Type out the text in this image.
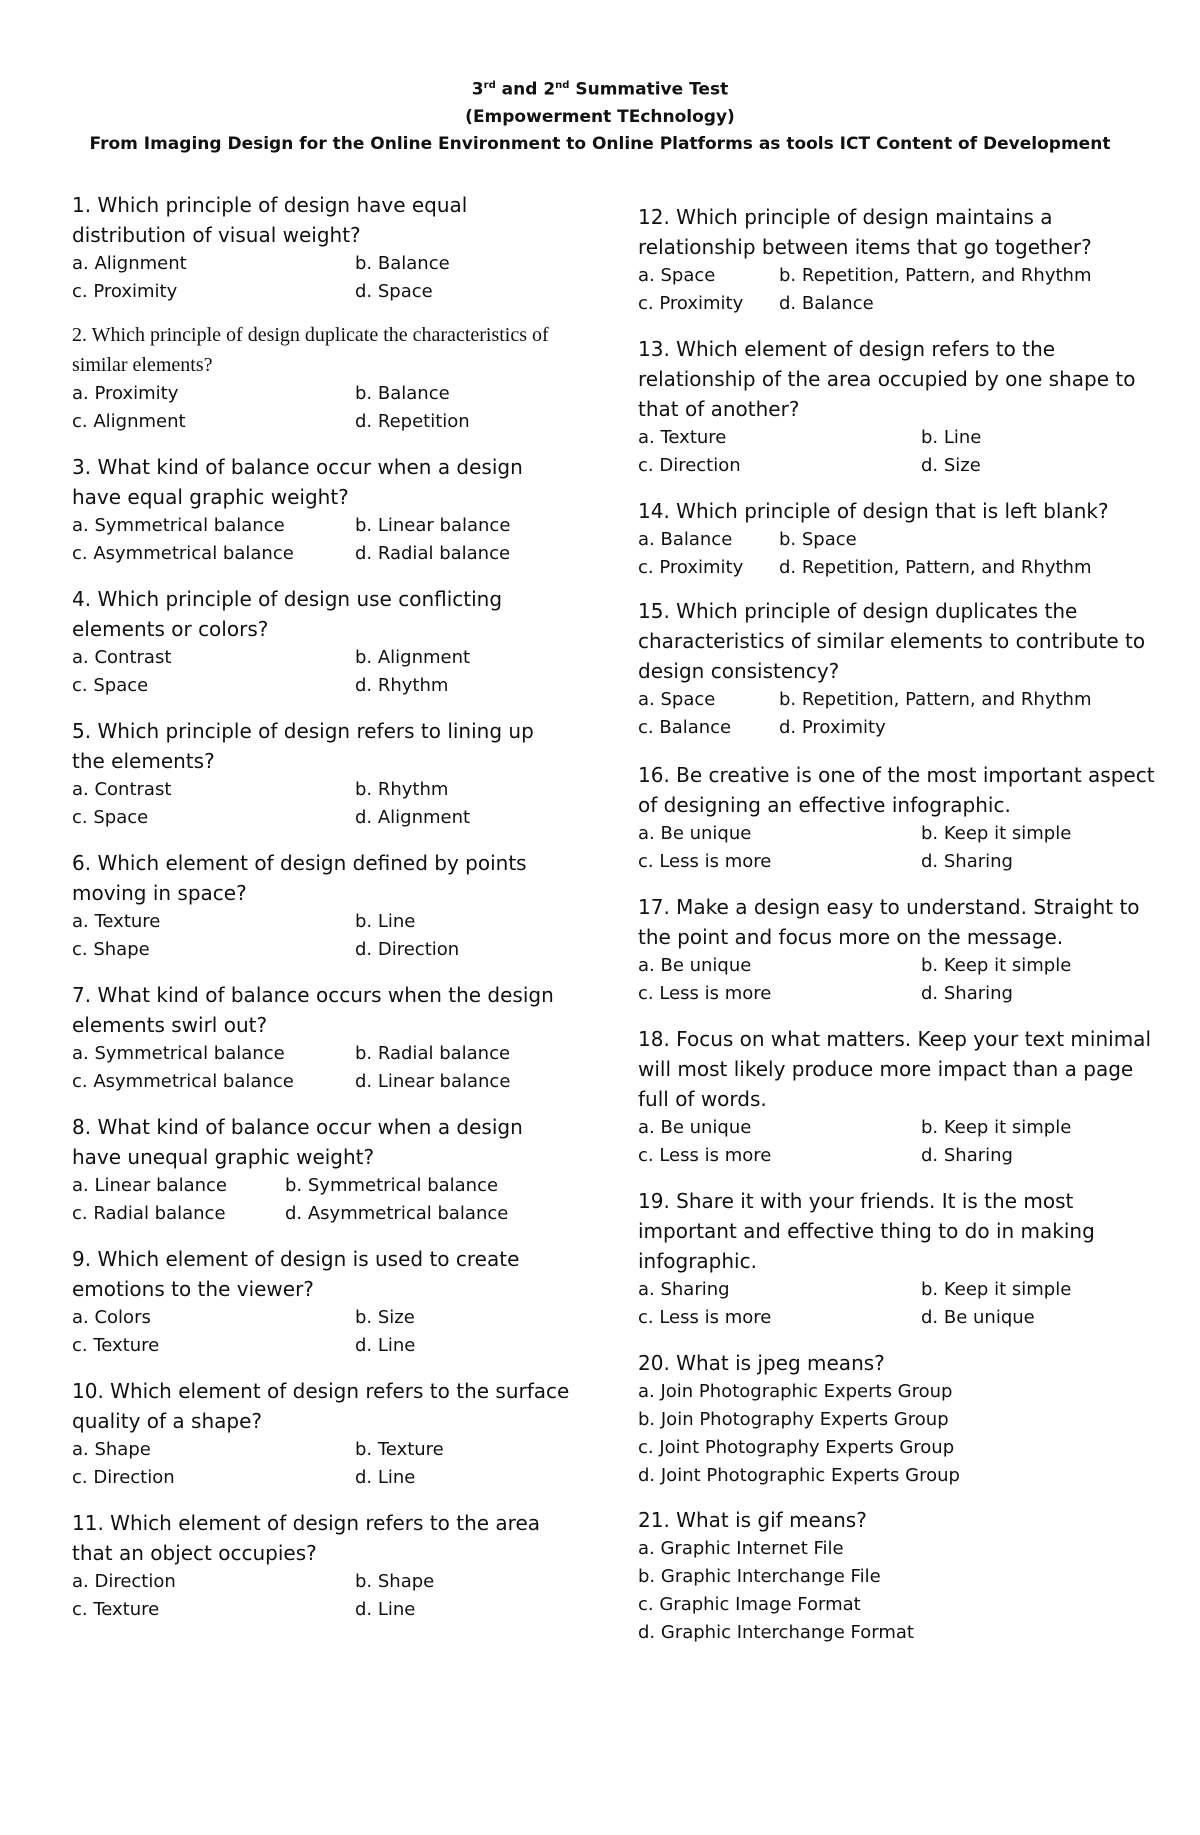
3rd and 2nd Summative Test
(Empowerment TEchnology)
From Imaging Design for the Online Environment to Online Platforms as tools ICT Content of Development

1. Which principle of design have equal distribution of visual weight?

a. Alignment	b. Balance
c. Proximity	d. Space

2. Which principle of design duplicate the characteristics of similar elements?

a. Proximity	b. Balance
c. Alignment	d. Repetition

3. What kind of balance occur when a design have equal graphic weight?

a. Symmetrical balance	b. Linear balance
c. Asymmetrical balance	d. Radial balance

4. Which principle of design use conflicting elements or colors?

a. Contrast	b. Alignment
c. Space	d. Rhythm

5. Which principle of design refers to lining up the elements?

a. Contrast	b. Rhythm
c. Space	d. Alignment

6. Which element of design defined by points moving in space?

a. Texture	b. Line
c. Shape	d. Direction

7. What kind of balance occurs when the design elements swirl out?

a. Symmetrical balance	b. Radial balance
c. Asymmetrical balance	d. Linear balance

8. What kind of balance occur when a design have unequal graphic weight?

a. Linear balance	b. Symmetrical balance
c. Radial balance	d. Asymmetrical balance

9. Which element of design is used to create emotions to the viewer?

a. Colors	b. Size
c. Texture	d. Line

10. Which element of design refers to the surface quality of a shape?

a. Shape	b. Texture
c. Direction	d. Line

11. Which element of design refers to the area that an object occupies?

a. Direction	b. Shape
c. Texture	d. Line

12. Which principle of design maintains a relationship between items that go together?

a. Space	b. Repetition, Pattern, and Rhythm
c. Proximity	d. Balance

13. Which element of design refers to the relationship of the area occupied by one shape to that of another?

a. Texture	b. Line
c. Direction	d. Size

14. Which principle of design that is left blank?

a. Balance	b. Space
c. Proximity	d. Repetition, Pattern, and Rhythm

15. Which principle of design duplicates the characteristics of similar elements to contribute to design consistency?

a. Space	b. Repetition, Pattern, and Rhythm
c. Balance	d. Proximity

16. Be creative is one of the most important aspect of designing an effective infographic.

a. Be unique	b. Keep it simple
c. Less is more	d. Sharing

17. Make a design easy to understand. Straight to the point and focus more on the message.

a. Be unique	b. Keep it simple
c. Less is more	d. Sharing

18. Focus on what matters. Keep your text minimal will most likely produce more impact than a page full of words.

a. Be unique	b. Keep it simple
c. Less is more	d. Sharing

19. Share it with your friends. It is the most important and effective thing to do in making infographic.

a. Sharing	b. Keep it simple
c. Less is more	d. Be unique

20. What is jpeg means?

a. Join Photographic Experts Group
b. Join Photography Experts Group
c. Joint Photography Experts Group
d. Joint Photographic Experts Group

21. What is gif means?

a. Graphic Internet File
b. Graphic Interchange File
c. Graphic Image Format
d. Graphic Interchange Format
